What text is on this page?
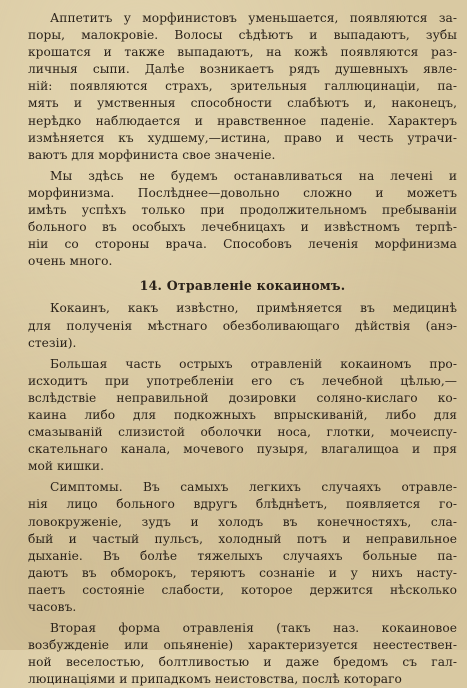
Аппетитъ у морфинистовъ уменьшается, появляются за-
поры, малокровіе. Волосы сѣдѣютъ и выпадаютъ, зубы
крошатся и также выпадаютъ, на кожѣ появляются раз-
личныя сыпи. Далѣе возникаетъ рядъ душевныхъ явле-
ній: появляются страхъ, зрительныя галлюцинаціи, па-
мять и умственныя способности слабѣютъ и, наконецъ,
нерѣдко наблюдается и нравственное паденіе. Характеръ
измѣняется къ худшему,—истина, право и честь утрачи-
ваютъ для морфиниста свое значеніе.

Мы здѣсь не будемъ останавливаться на лечені и
морфинизма. Послѣднее—довольно сложно и можетъ
имѣть успѣхъ только при продолжительномъ пребываніи
больного въ особыхъ лечебницахъ и извѣстномъ терпѣ-
ніи со стороны врача. Способовъ леченія морфинизма
очень много.

14. Отравленіе кокаиномъ.

Кокаинъ, какъ извѣстно, примѣняется въ медицинѣ
для полученія мѣстнаго обезболивающаго дѣйствія (анэ-
стезіи).

Большая часть острыхъ отравленій кокаиномъ про-
исходитъ при употребленіи его съ лечебной цѣлью,—
вслѣдствіе неправильной дозировки соляно-кислаго ко-
каина либо для подкожныхъ впрыскиваній, либо для
смазываній слизистой оболочки носа, глотки, мочеиспу-
скательнаго канала, мочевого пузыря, влагалищоа и пря
мой кишки.

Симптомы. Въ самыхъ легкихъ случаяхъ отравле-
нія лицо больного вдругъ блѣднѣетъ, появляется го-
ловокруженіе, зудъ и холодъ въ конечностяхъ, сла-
бый и частый пульсъ, холодный потъ и неправильное
дыханіе. Въ болѣе тяжелыхъ случаяхъ больные па-
даютъ въ обморокъ, теряютъ сознаніе и у нихъ насту-
паетъ состояніе слабости, которое держится нѣсколько
часовъ.

Вторая форма отравленія (такъ наз. кокаиновое
возбужденіе или опьяненіе) характеризуется неестествен-
ной веселостью, болтливостью и даже бредомъ съ гал-
люцинаціями и припадкомъ неистовства, послѣ котораго
